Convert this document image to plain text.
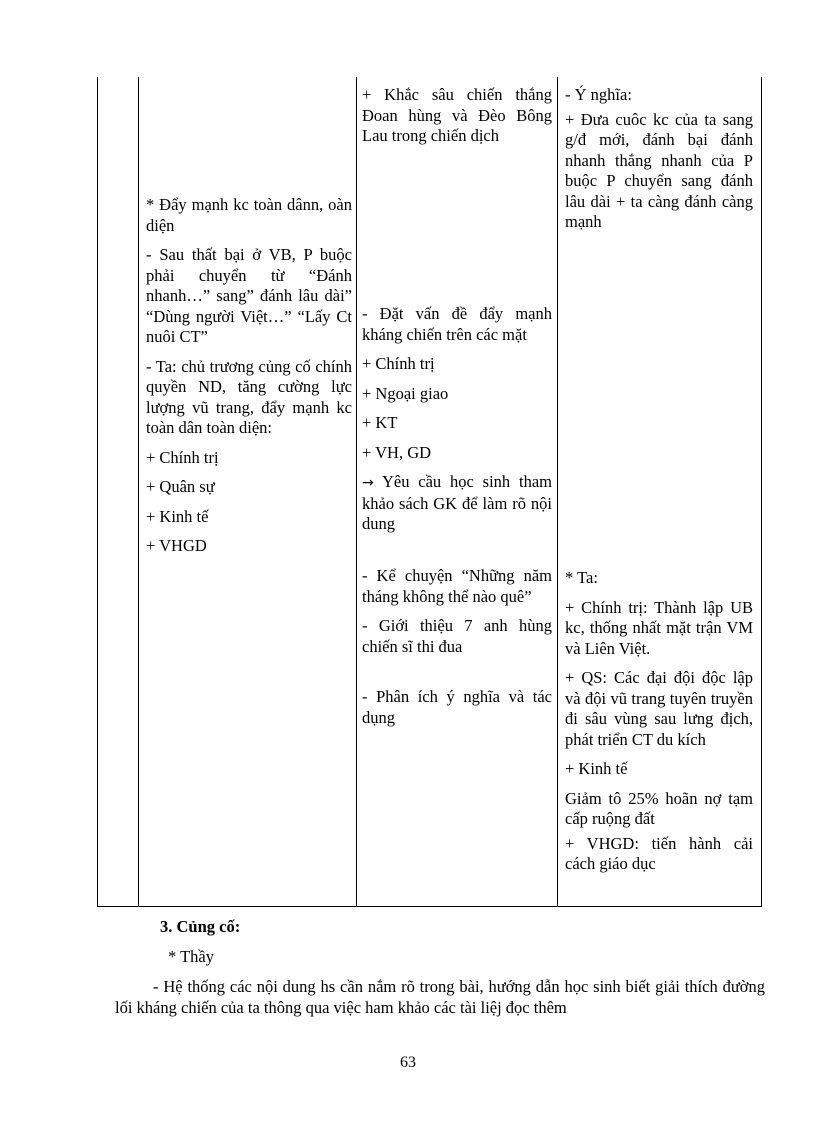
+ Khắc sâu chiến thắng Đoan hùng và Đèo Bông Lau trong chiến dịch

- Ý nghĩa:

+ Đưa cuôc kc của ta sang g/đ mới, đánh bại đánh nhanh thắng nhanh của P buộc P chuyển sang đánh lâu dài + ta càng đánh càng mạnh

* Đẩy mạnh kc toàn dânn, oàn diện

- Sau thất bại ở VB, P buộc phải chuyển từ “Đánh nhanh…” sang” đánh lâu dài” “Dùng người Việt…” “Lấy Ct nuôi CT”

- Ta: chủ trương củng cố chính quyền ND, tăng cường lực lượng vũ trang, đẩy mạnh kc toàn dân toàn diện:

+ Chính trị

+ Quân sự

+ Kinh tế

+ VHGD

- Đặt vấn đề đẩy mạnh kháng chiến trên các mặt

+ Chính trị

+ Ngoại giao

+ KT

+ VH, GD

→ Yêu cầu học sinh tham khảo sách GK để làm rõ nội dung

- Kể chuyện “Những năm tháng không thể nào quê”

- Giới thiệu 7 anh hùng chiến sĩ thi đua

- Phân ích ý nghĩa và tác dụng

* Ta:

+ Chính trị: Thành lập UB kc, thống nhất mặt trận VM và Liên Việt.

+ QS: Các đại đội độc lập và đội vũ trang tuyên truyền đi sâu vùng sau lưng địch, phát triển CT du kích

+ Kinh tế

Giảm tô 25% hoãn nợ tạm cấp ruộng đất

+ VHGD: tiến hành cải cách giáo dục

3. Củng cố:
* Thầy
- Hệ thống các nội dung hs cần nắm rõ trong bài, hướng dẫn học sinh biết giải thích đường lối kháng chiến của ta thông qua việc ham khảo các tài liệj đọc thêm
63
